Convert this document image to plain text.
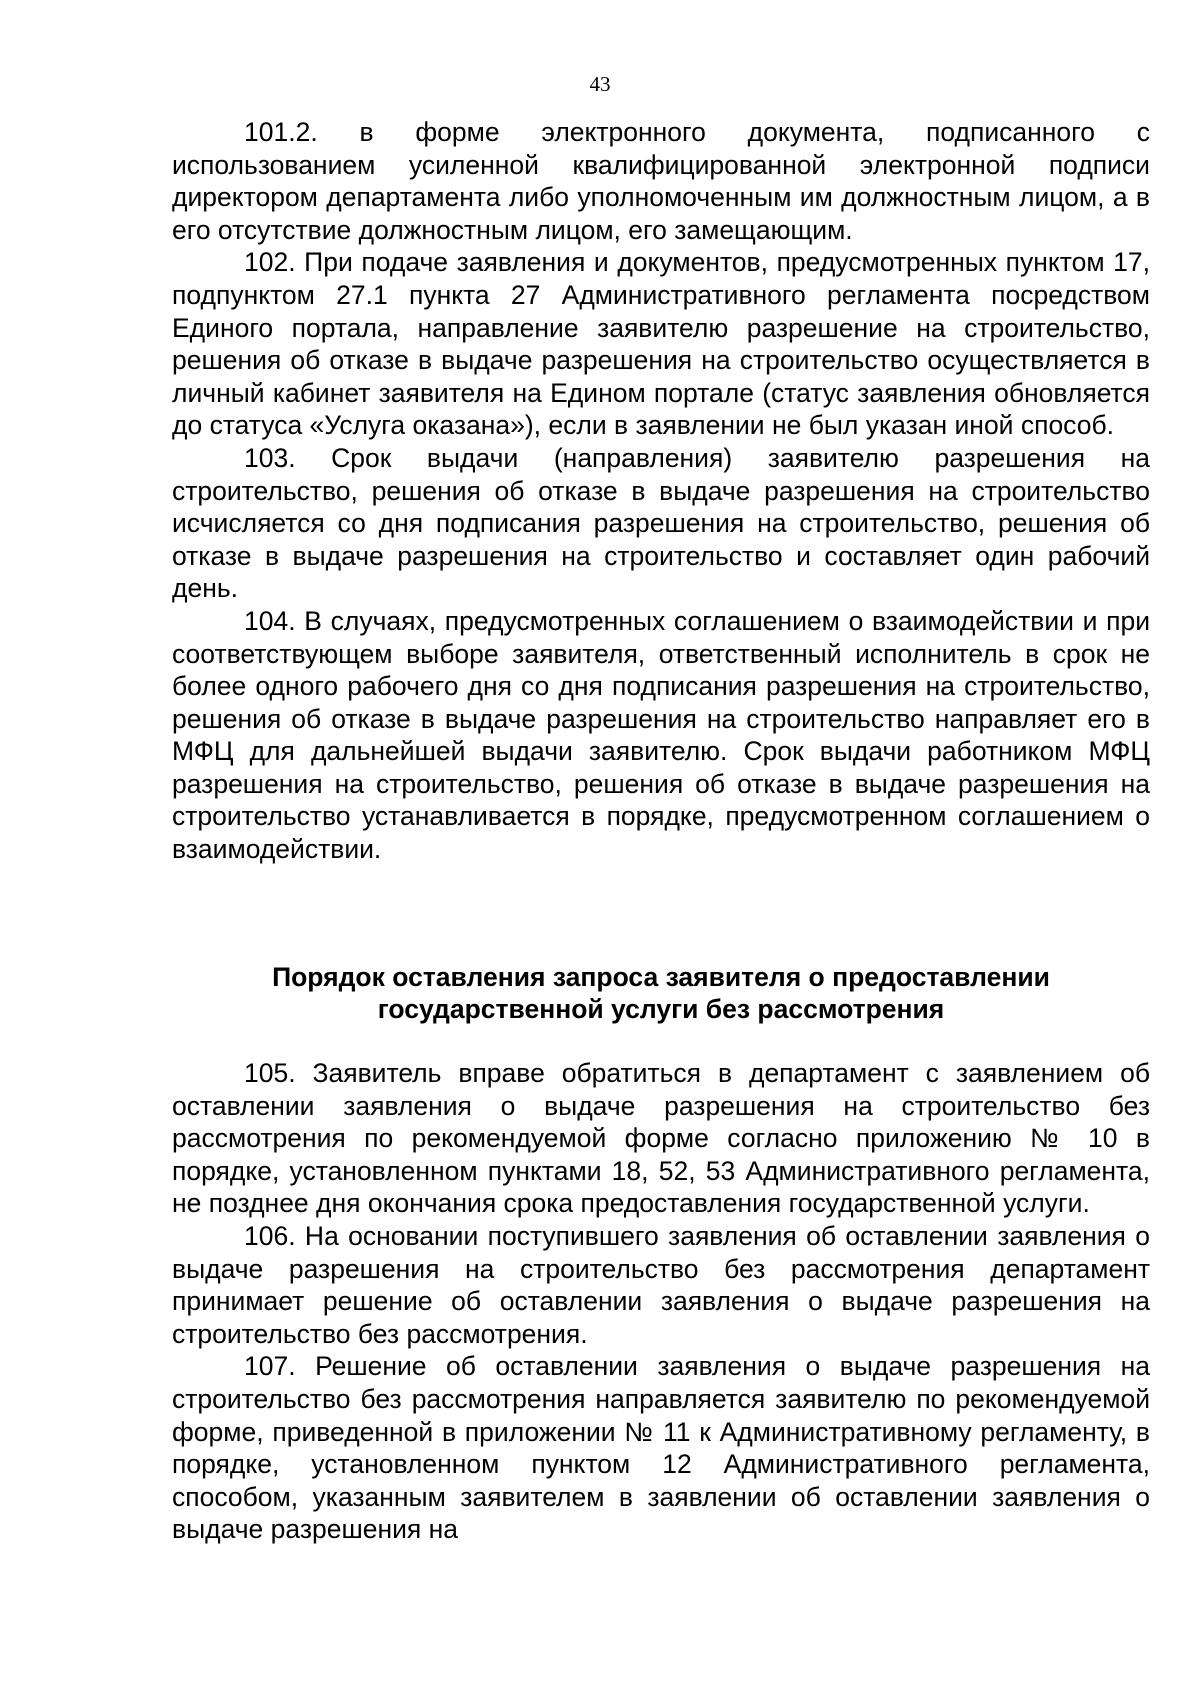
43

101.2. в форме электронного документа, подписанного с использованием усиленной квалифицированной электронной подписи директором департамента либо уполномоченным им должностным лицом, а в его отсутствие должностным лицом, его замещающим.

102. При подаче заявления и документов, предусмотренных пунктом 17, подпунктом 27.1 пункта 27 Административного регламента посредством Единого портала, направление заявителю разрешение на строительство, решения об отказе в выдаче разрешения на строительство осуществляется в личный кабинет заявителя на Едином портале (статус заявления обновляется до статуса «Услуга оказана»), если в заявлении не был указан иной способ.

103. Срок выдачи (направления) заявителю разрешения на строительство, решения об отказе в выдаче разрешения на строительство исчисляется со дня подписания разрешения на строительство, решения об отказе в выдаче разрешения на строительство и составляет один рабочий день.

104. В случаях, предусмотренных соглашением о взаимодействии и при соответствующем выборе заявителя, ответственный исполнитель в срок не более одного рабочего дня со дня подписания разрешения на строительство, решения об отказе в выдаче разрешения на строительство направляет его в МФЦ для дальнейшей выдачи заявителю. Срок выдачи работником МФЦ разрешения на строительство, решения об отказе в выдаче разрешения на строительство устанавливается в порядке, предусмотренном соглашением о взаимодействии.

Порядок оставления запроса заявителя о предоставлении
государственной услуги без рассмотрения

105. Заявитель вправе обратиться в департамент с заявлением об оставлении заявления о выдаче разрешения на строительство без рассмотрения по рекомендуемой форме согласно приложению № 10 в порядке, установленном пунктами 18, 52, 53 Административного регламента, не позднее дня окончания срока предоставления государственной услуги.

106. На основании поступившего заявления об оставлении заявления о выдаче разрешения на строительство без рассмотрения департамент принимает решение об оставлении заявления о выдаче разрешения на строительство без рассмотрения.

107. Решение об оставлении заявления о выдаче разрешения на строительство без рассмотрения направляется заявителю по рекомендуемой форме, приведенной в приложении № 11 к Административному регламенту, в порядке, установленном пунктом 12 Административного регламента, способом, указанным заявителем в заявлении об оставлении заявления о выдаче разрешения на
